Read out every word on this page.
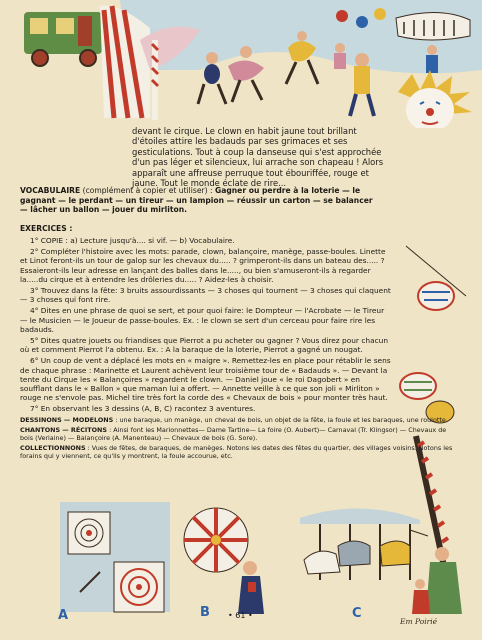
devant le cirque. Le clown en habit jaune tout brillant d'étoiles attire les badauds par ses grimaces et ses gesticulations. Tout à coup la danseuse qui s'est approchée d'un pas léger et silencieux, lui arrache son chapeau ! Alors apparaît une affreuse perruque tout ébouriffée, rouge et jaune. Tout le monde éclate de rire...
VOCABULAIRE (complément à copier et utiliser) : Gagner ou perdre à la loterie — le gagnant — le perdant — un tireur — un lampion — réussir un carton — se balancer — lâcher un ballon — jouer du mirliton.
EXERCICES :

1° COPIE : a) Lecture jusqu'à.... si vif. — b) Vocabulaire.

2° Compléter l'histoire avec les mots: parade, clown, balançoire, manège, passe-boules. Linette et Linot feront-ils un tour de galop sur les chevaux du..... ? grimperont-ils dans un bateau des..... ? Essaieront-ils leur adresse en lançant des balles dans le....., ou bien s'amuseront-ils à regarder la.....du cirque et à entendre les drôleries du..... ? Aidez-les à choisir.

3° Trouvez dans la fête: 3 bruits assourdissants — 3 choses qui tournent — 3 choses qui claquent — 3 choses qui font rire.

4° Dites en une phrase de quoi se sert, et pour quoi faire: le Dompteur — l'Acrobate — le Tireur — le Musicien — le Joueur de passe-boules. Ex. : le clown se sert d'un cerceau pour faire rire les badauds.

5° Dites quatre jouets ou friandises que Pierrot a pu acheter ou gagner ? Vous direz pour chacun où et comment Pierrot l'a obtenu. Ex. : A la baraque de la loterie, Pierrot a gagné un nougat.

6° Un coup de vent a déplacé les mots en « maigre ». Remettez-les en place pour rétablir le sens de chaque phrase : Marinette et Laurent achèvent leur troisième tour de « Badauds ». — Devant la tente du Cirque les « Balançoires » regardent le clown. — Daniel joue « le roi Dagobert » en soufflant dans le « Ballon » que maman lui a offert. — Annette veille à ce que son joli « Mirliton » rouge ne s'envole pas. Michel tire très fort la corde des « Chevaux de bois » pour monter très haut.

7° En observant les 3 dessins (A, B, C) racontez 3 aventures.

DESSINONS — MODELONS : une baraque, un manège, un cheval de bois, un objet de la fête, la foule et les baraques, une roulotte.

CHANTONS — RÉCITONS : Ainsi font les Marionnettes— Dame Tartine— La foire (O. Aubert)— Carnaval (Tr. Klingsor) — Chevaux de bois (Verlaine) — Balançoire (A. Manenteau) — Chevaux de bois (G. Sore).

COLLECTIONNONS : Vues de fêtes, de baraques, de manèges. Notons les dates des fêtes du quartier, des villages voisins. Notons les forains qui y viennent, ce qu'ils y montrent, la foule accourue, etc.

A	B	C
• 61 •
Em Poirié
